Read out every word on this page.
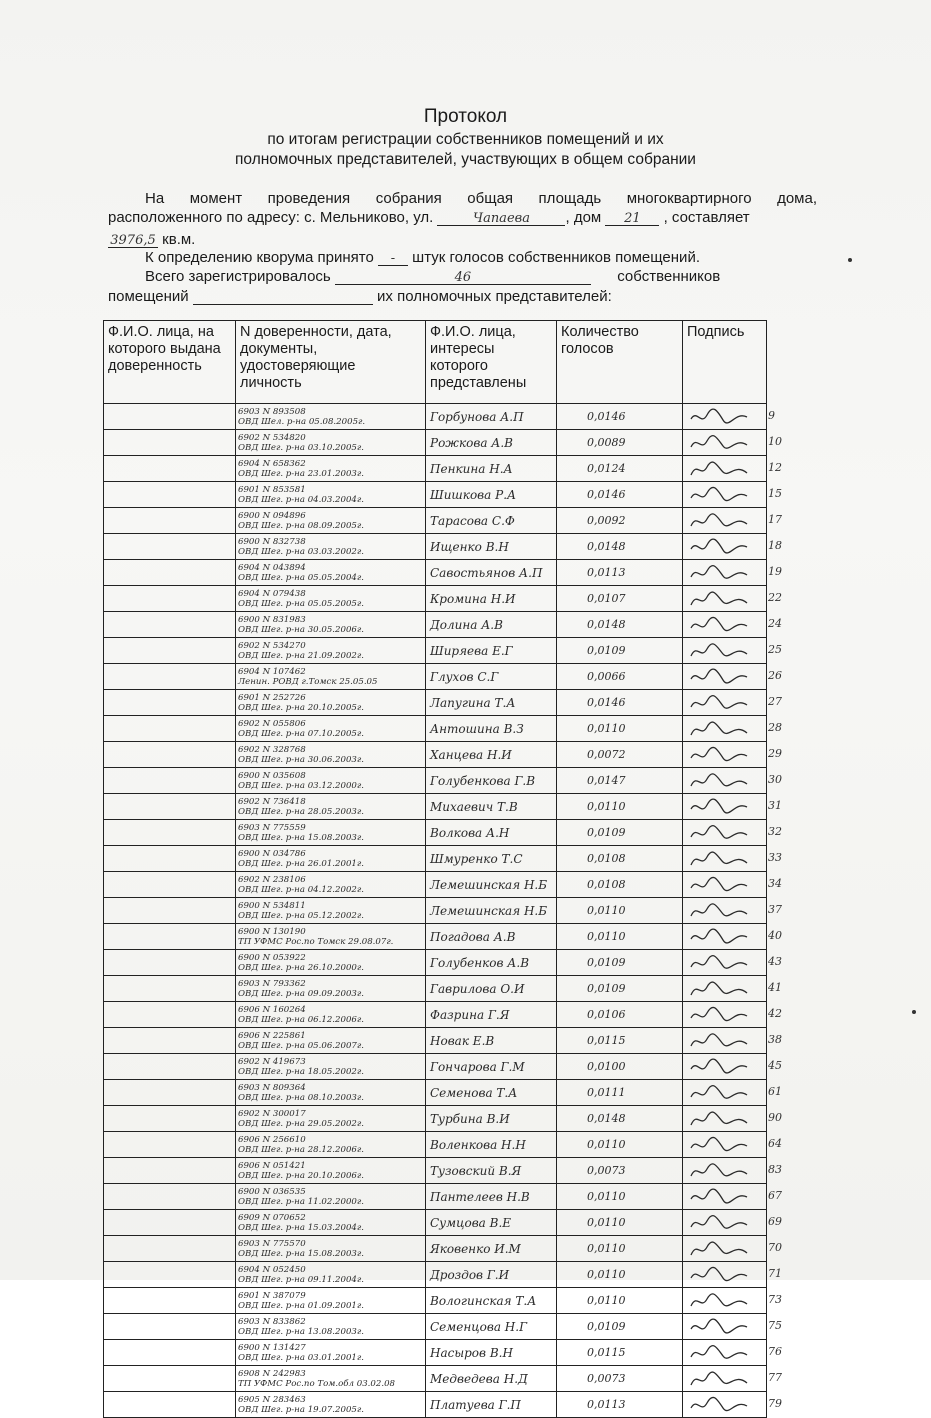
Протокол
по итогам регистрации собственников помещений и их
полномочных представителей, участвующих в общем собрании
На момент проведения собрания общая площадь многоквартирного дома,
расположенного по адресу: с. Мельниково, ул.	Чапаева , дом 21 , составляет
3976,5 кв.м.
К определению кворума принято - штук голосов собственников помещений.
Всего зарегистрировалось	46	собственников
помещений	их полномочных представителей:
Ф.И.О. лица, на которого выдана доверенность	N доверенности, дата, документы, удостоверяющие личность	Ф.И.О. лица, интересы которого представлены	Количество голосов	Подпись

	6903 N 893508
ОВД Шел. р-на 05.08.2005г.	Горбунова А.П	0,0146	9

	6902 N 534820
ОВД Шег. р-на 03.10.2005г.	Рожкова А.В	0,0089	10

	6904 N 658362
ОВД Шег. р-на 23.01.2003г.	Пенкина Н.А	0,0124	12

	6901 N 853581
ОВД Шег. р-на 04.03.2004г.	Шишкова Р.А	0,0146	15

	6900 N 094896
ОВД Шег. р-на 08.09.2005г.	Тарасова С.Ф	0,0092	17

	6900 N 832738
ОВД Шег. р-на 03.03.2002г.	Ищенко В.Н	0,0148	18

	6904 N 043894
ОВД Шег. р-на 05.05.2004г.	Савостьянов А.П	0,0113	19

	6904 N 079438
ОВД Шег. р-на 05.05.2005г.	Кромина Н.И	0,0107	22

	6900 N 831983
ОВД Шег. р-на 30.05.2006г.	Долина А.В	0,0148	24

	6902 N 534270
ОВД Шег. р-на 21.09.2002г.	Ширяева Е.Г	0,0109	25

	6904 N 107462
Ленин. РОВД г.Томск 25.05.05	Глухов С.Г	0,0066	26

	6901 N 252726
ОВД Шег. р-на 20.10.2005г.	Лапугина Т.А	0,0146	27

	6902 N 055806
ОВД Шег. р-на 07.10.2005г.	Антошина В.З	0,0110	28

	6902 N 328768
ОВД Шег. р-на 30.06.2003г.	Ханцева Н.И	0,0072	29

	6900 N 035608
ОВД Шег. р-на 03.12.2000г.	Голубенкова Г.В	0,0147	30

	6902 N 736418
ОВД Шег. р-на 28.05.2003г.	Михаевич Т.В	0,0110	31

	6903 N 775559
ОВД Шег. р-на 15.08.2003г.	Волкова А.Н	0,0109	32

	6900 N 034786
ОВД Шег. р-на 26.01.2001г.	Шмуренко Т.С	0,0108	33

	6902 N 238106
ОВД Шег. р-на 04.12.2002г.	Лемешинская Н.Б	0,0108	34

	6900 N 534811
ОВД Шег. р-на 05.12.2002г.	Лемешинская Н.Б	0,0110	37

	6900 N 130190
ТП УФМС Рос.по Томск 29.08.07г.	Погадова А.В	0,0110	40

	6900 N 053922
ОВД Шег. р-на 26.10.2000г.	Голубенков А.В	0,0109	43

	6903 N 793362
ОВД Шег. р-на 09.09.2003г.	Гаврилова О.И	0,0109	41

	6906 N 160264
ОВД Шег. р-на 06.12.2006г.	Фазрина Г.Я	0,0106	42

	6906 N 225861
ОВД Шег. р-на 05.06.2007г.	Новак Е.В	0,0115	38

	6902 N 419673
ОВД Шег. р-на 18.05.2002г.	Гончарова Г.М	0,0100	45

	6903 N 809364
ОВД Шег. р-на 08.10.2003г.	Семенова Т.А	0,0111	61

	6902 N 300017
ОВД Шег. р-на 29.05.2002г.	Турбина В.И	0,0148	90

	6906 N 256610
ОВД Шег. р-на 28.12.2006г.	Воленкова Н.Н	0,0110	64

	6906 N 051421
ОВД Шег. р-на 20.10.2006г.	Тузовский В.Я	0,0073	83

	6900 N 036535
ОВД Шег. р-на 11.02.2000г.	Пантелеев Н.В	0,0110	67

	6909 N 070652
ОВД Шег. р-на 15.03.2004г.	Сумцова В.Е	0,0110	69

	6903 N 775570
ОВД Шег. р-на 15.08.2003г.	Яковенко И.М	0,0110	70

	6904 N 052450
ОВД Шег. р-на 09.11.2004г.	Дроздов Г.И	0,0110	71

	6901 N 387079
ОВД Шег. р-на 01.09.2001г.	Вологинская Т.А	0,0110	73

	6903 N 833862
ОВД Шег. р-на 13.08.2003г.	Семенцова Н.Г	0,0109	75

	6900 N 131427
ОВД Шег. р-на 03.01.2001г.	Насыров В.Н	0,0115	76

	6908 N 242983
ТП УФМС Рос.по Том.обл 03.02.08	Медведева Н.Д	0,0073	77

	6905 N 283463
ОВД Шег. р-на 19.07.2005г.	Платуева Г.П	0,0113	79
